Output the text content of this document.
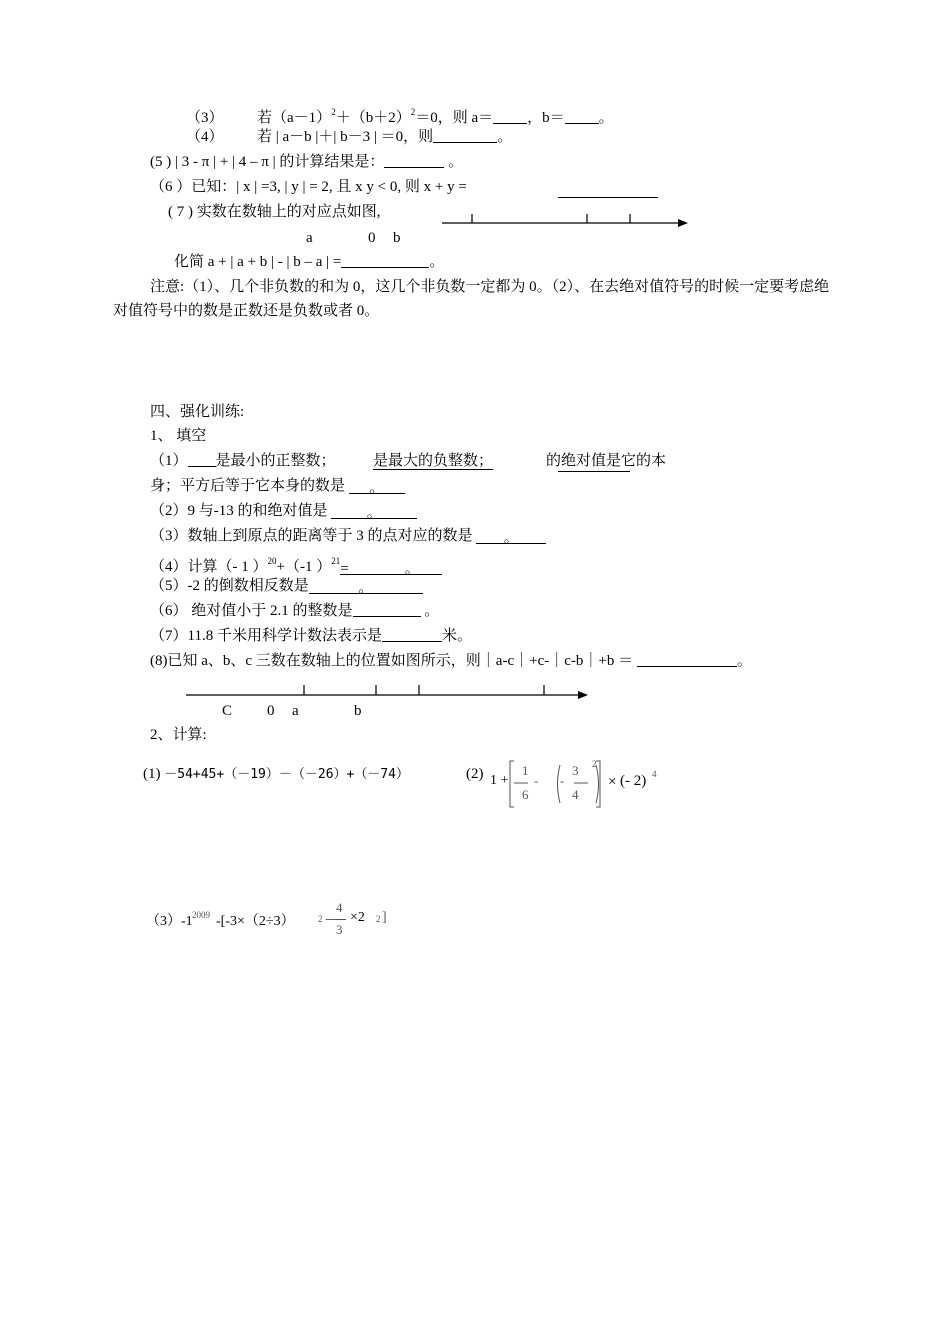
（3） 若$(a-1)^2+(b+2)^2=0$，则 a＝ ，b＝ 。
（4） 若 | a－b |＋| b－3 | ＝0，则	。
(5 ) | 3 - π | + | 4 – π | 的计算结果是：	。
（6 ）已知：| x | =3, | y | = 2, 且 x y < 0, 则 x + y =
( 7 ) 实数在数轴上的对应点如图,
a	0 b
化简 a + | a + b | - | b – a | =	。
注意:（1）、几个非负数的和为 0，这几个非负数一定都为 0。（2）、在去绝对值符号的时候一定要考虑绝
对值符号中的数是正数还是负数或者 0。
四、强化训练:
1、 填空
（1） 是最小的正整数； 是最大的负整数；	的绝对值是它的本
身；平方后等于它本身的数是 。
（2）9 与-13 的和绝对值是	。
（3）数轴上到原点的距离等于 3 的点对应的数是 。
（4）计算（- 1 ）$^{20}$+（-1 ）$^{21}$=	。
（5）-2 的倒数相反数是	。
（6） 绝对值小于 2.1 的整数是	。
（7）11.8 千米用科学计数法表示是	米。
(8)已知 a、b、c 三数在数轴上的位置如图所示，则｜a-c｜+c-｜c-b｜+b ＝	。
C 0 a	b
2、计算:
(1) －54+45+（－19）－（－26）+（－74）	(2) 1 +
1
6
- -
3
4
2
× (- 2) 4
（3）-1 2009 -[-3×（2÷3）	2 －
4
3
×2 2 ]
